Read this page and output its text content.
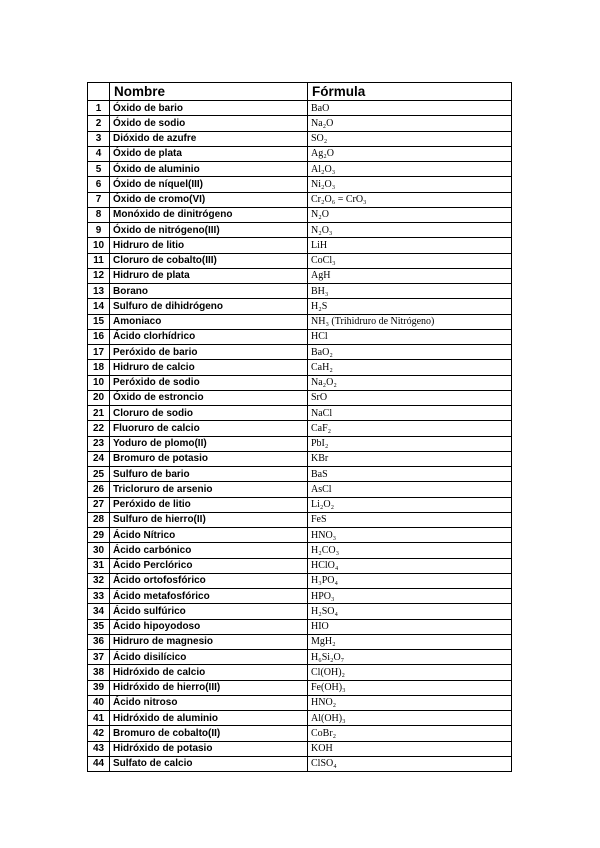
	Nombre	Fórmula
1	Óxido de bario	BaO
2	Óxido de sodio	Na₂O
3	Dióxido de azufre	SO₂
4	Óxido de plata	Ag₂O
5	Óxido de aluminio	Al₂O₃
6	Óxido de níquel(III)	Ni₂O₃
7	Óxido de cromo(VI)	Cr₂O₆ = CrO₃
8	Monóxido de dinitrógeno	N₂O
9	Óxido de nitrógeno(III)	N₂O₃
10	Hidruro de litio	LiH
11	Cloruro de cobalto(III)	CoCl₃
12	Hidruro de plata	AgH
13	Borano	BH₃
14	Sulfuro de dihidrógeno	H₂S
15	Amoniaco	NH₃ (Trihidruro de Nitrógeno)
16	Ácido clorhídrico	HCl
17	Peróxido de bario	BaO₂
18	Hidruro de calcio	CaH₂
10	Peróxido de sodio	Na₂O₂
20	Óxido de estroncio	SrO
21	Cloruro de sodio	NaCl
22	Fluoruro de calcio	CaF₂
23	Yoduro de plomo(II)	PbI₂
24	Bromuro de potasio	KBr
25	Sulfuro de bario	BaS
26	Tricloruro de arsenio	AsCl
27	Peróxido de litio	Li₂O₂
28	Sulfuro de hierro(II)	FeS
29	Ácido Nítrico	HNO₃
30	Ácido carbónico	H₂CO₃
31	Ácido Perclórico	HClO₄
32	Ácido ortofosfórico	H₃PO₄
33	Ácido metafosfórico	HPO₃
34	Ácido sulfúrico	H₂SO₄
35	Ácido hipoyodoso	HIO
36	Hidruro de magnesio	MgH₂
37	Ácido disilícico	H₆Si₂O₇
38	Hidróxido de calcio	Cl(OH)₂
39	Hidróxido de hierro(III)	Fe(OH)₃
40	Ácido nitroso	HNO₂
41	Hidróxido de aluminio	Al(OH)₃
42	Bromuro de cobalto(II)	CoBr₂
43	Hidróxido de potasio	KOH
44	Sulfato de calcio	ClSO₄
